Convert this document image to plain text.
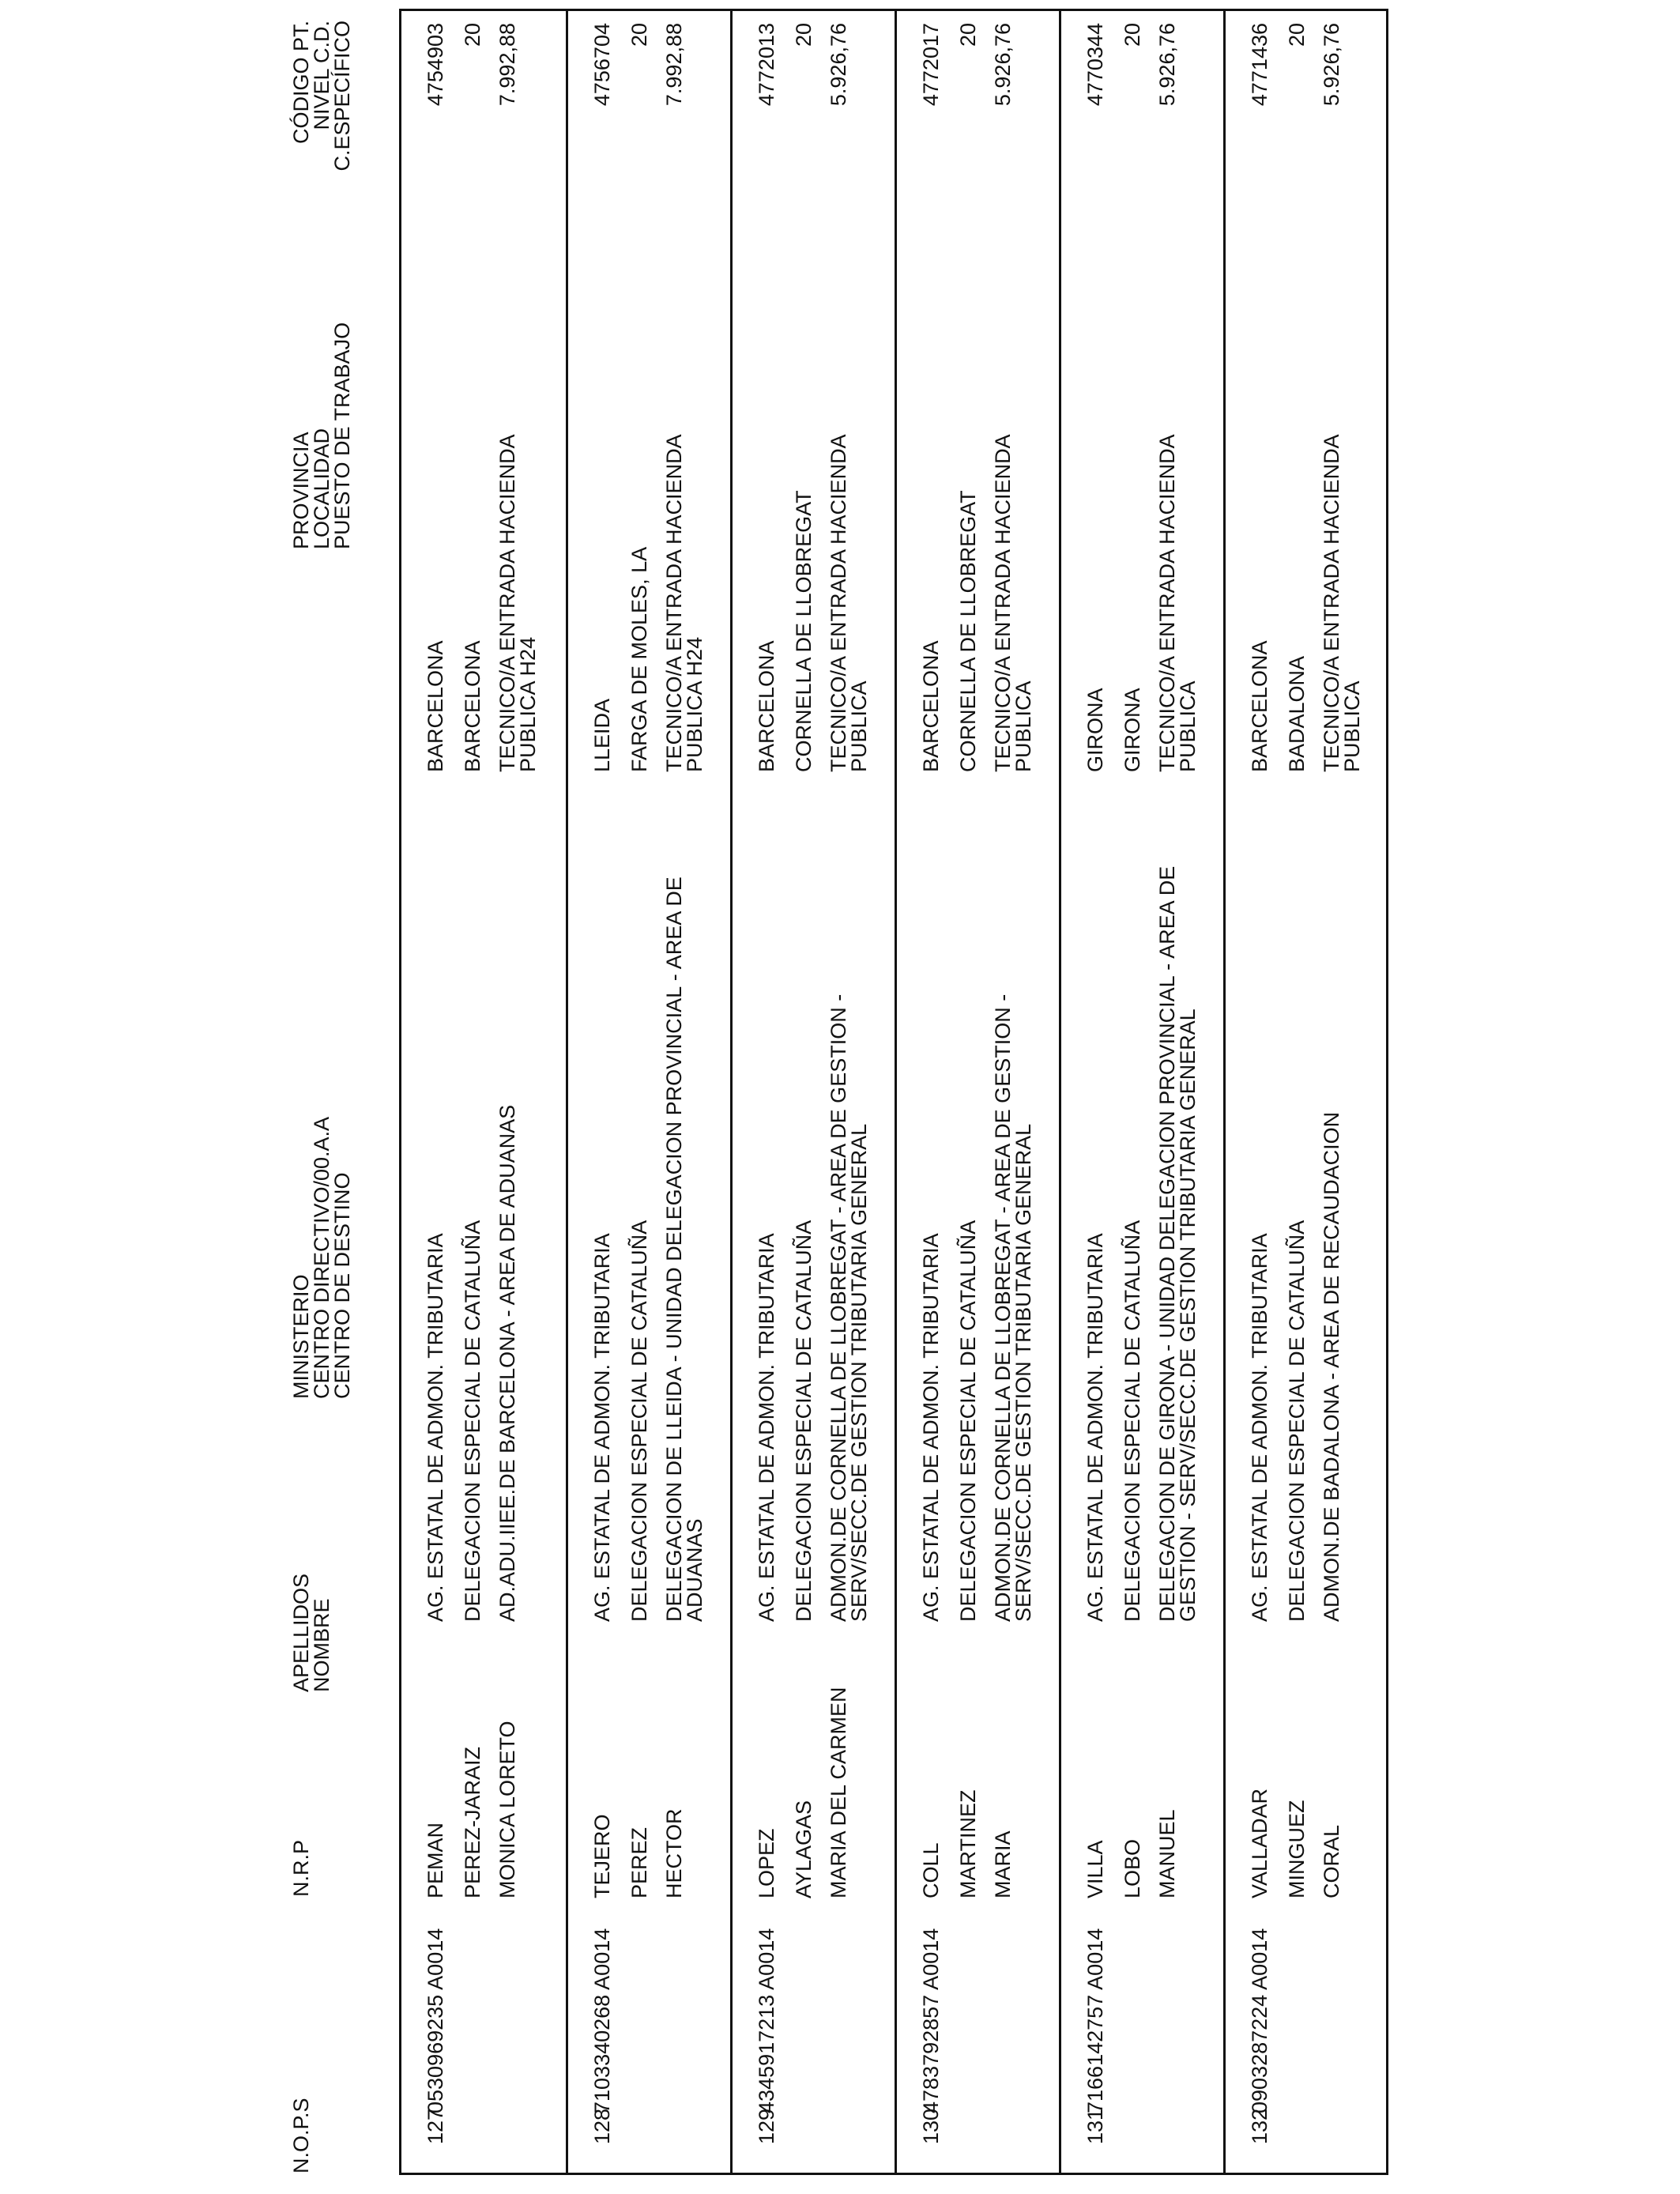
N.O.P.S
N.R.P
APELLIDOS
NOMBRE
MINISTERIO
CENTRO DIRECTIVO/00.A.A
CENTRO DE DESTINO
PROVINCIA
LOCALIDAD
PUESTO DE TRABAJO
CÓDIGO PT.
NIVEL C.D.
C.ESPECÍFICO
127
0530969235 A0014
PEMAN PEREZ-JARAIZ MONICA LORETO
AG. ESTATAL DE ADMON. TRIBUTARIA DELEGACION ESPECIAL DE CATALUÑA AD.ADU.IIEE.DE BARCELONA - AREA DE ADUANAS
BARCELONA BARCELONA TECNICO/A ENTRADA HACIENDA
PUBLICA H24
4754903 20 7.992,88
128
7103340268 A0014
TEJERO PEREZ HECTOR
AG. ESTATAL DE ADMON. TRIBUTARIA DELEGACION ESPECIAL DE CATALUÑA DELEGACION DE LLEIDA - UNIDAD DELEGACION PROVINCIAL - AREA DE
ADUANAS
LLEIDA FARGA DE MOLES, LA TECNICO/A ENTRADA HACIENDA
PUBLICA H24
4756704 20 7.992,88
129
4345917213 A0014
LOPEZ AYLAGAS MARIA DEL CARMEN
AG. ESTATAL DE ADMON. TRIBUTARIA DELEGACION ESPECIAL DE CATALUÑA ADMON.DE CORNELLA DE LLOBREGAT - AREA DE GESTION -
SERV/SECC.DE GESTION TRIBUTARIA GENERAL
BARCELONA CORNELLA DE LLOBREGAT TECNICO/A ENTRADA HACIENDA
PUBLICA
4772013 20 5.926,76
130
4783792857 A0014
COLL MARTINEZ MARIA
AG. ESTATAL DE ADMON. TRIBUTARIA DELEGACION ESPECIAL DE CATALUÑA ADMON.DE CORNELLA DE LLOBREGAT - AREA DE GESTION -
SERV/SECC.DE GESTION TRIBUTARIA GENERAL
BARCELONA CORNELLA DE LLOBREGAT TECNICO/A ENTRADA HACIENDA
PUBLICA
4772017 20 5.926,76
131
7166142757 A0014
VILLA LOBO MANUEL
AG. ESTATAL DE ADMON. TRIBUTARIA DELEGACION ESPECIAL DE CATALUÑA DELEGACION DE GIRONA - UNIDAD DELEGACION PROVINCIAL - AREA DE
GESTION - SERV/SECC.DE GESTION TRIBUTARIA GENERAL
GIRONA GIRONA TECNICO/A ENTRADA HACIENDA
PUBLICA
4770344 20 5.926,76
132
0903287224 A0014
VALLADAR MINGUEZ CORAL
AG. ESTATAL DE ADMON. TRIBUTARIA DELEGACION ESPECIAL DE CATALUÑA ADMON.DE BADALONA - AREA DE RECAUDACION
BARCELONA BADALONA TECNICO/A ENTRADA HACIENDA
PUBLICA
4771436 20 5.926,76
